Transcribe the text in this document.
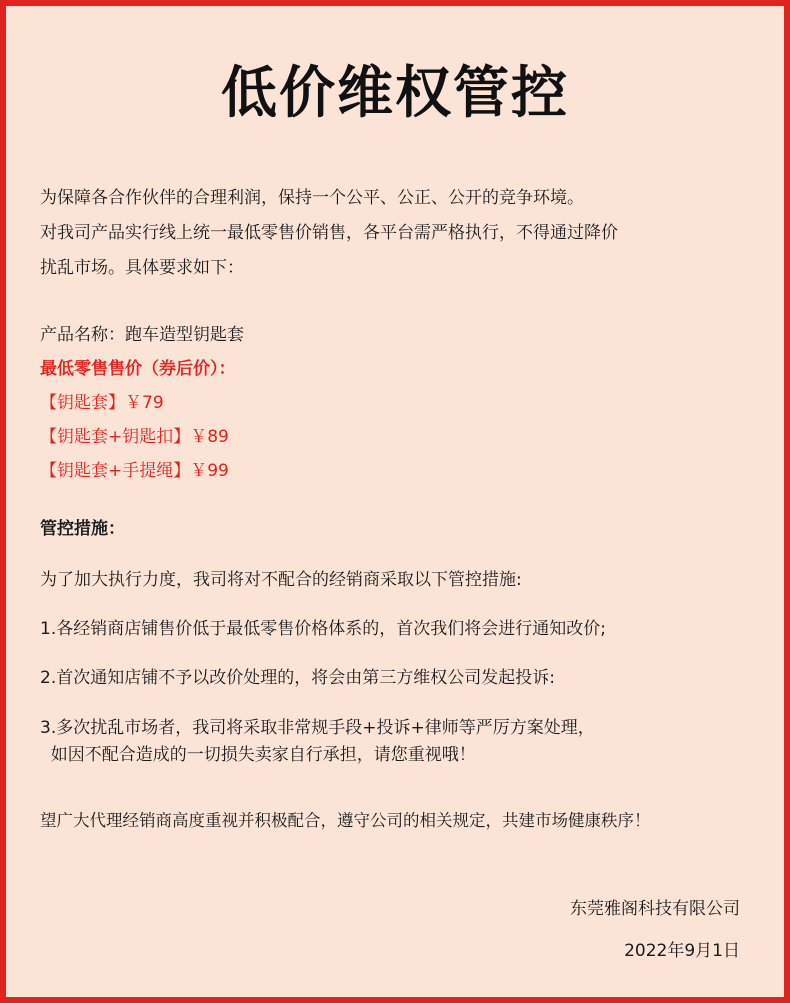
低价维权管控
为保障各合作伙伴的合理利润，保持一个公平、公正、公开的竞争环境。
对我司产品实行线上统一最低零售价销售，各平台需严格执行，不得通过降价
扰乱市场。具体要求如下：
产品名称：跑车造型钥匙套
最低零售售价（券后价）：
【钥匙套】￥79
【钥匙套+钥匙扣】￥89
【钥匙套+手提绳】￥99
管控措施：
为了加大执行力度，我司将对不配合的经销商采取以下管控措施:
1.各经销商店铺售价低于最低零售价格体系的，首次我们将会进行通知改价;
2.首次通知店铺不予以改价处理的，将会由第三方维权公司发起投诉:
3.多次扰乱市场者，我司将采取非常规手段+投诉+律师等严厉方案处理，
如因不配合造成的一切损失卖家自行承担，请您重视哦！
望广大代理经销商高度重视并积极配合，遵守公司的相关规定，共建市场健康秩序！
东莞雅阁科技有限公司
2022年9月1日
